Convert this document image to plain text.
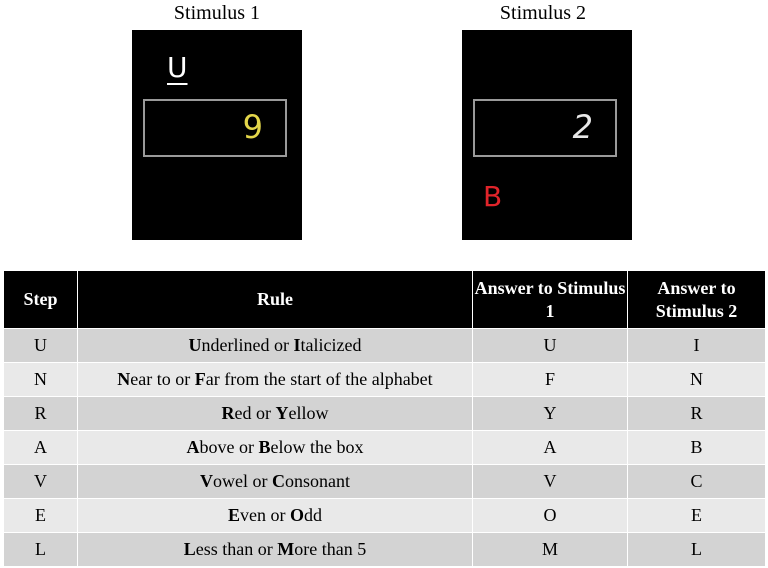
Stimulus 1
U
9
Stimulus 2
2
B
Step	Rule	Answer to Stimulus 1	Answer to Stimulus 2
U	Underlined or Italicized	U	I
N	Near to or Far from the start of the alphabet	F	N
R	Red or Yellow	Y	R
A	Above or Below the box	A	B
V	Vowel or Consonant	V	C
E	Even or Odd	O	E
L	Less than or More than 5	M	L
